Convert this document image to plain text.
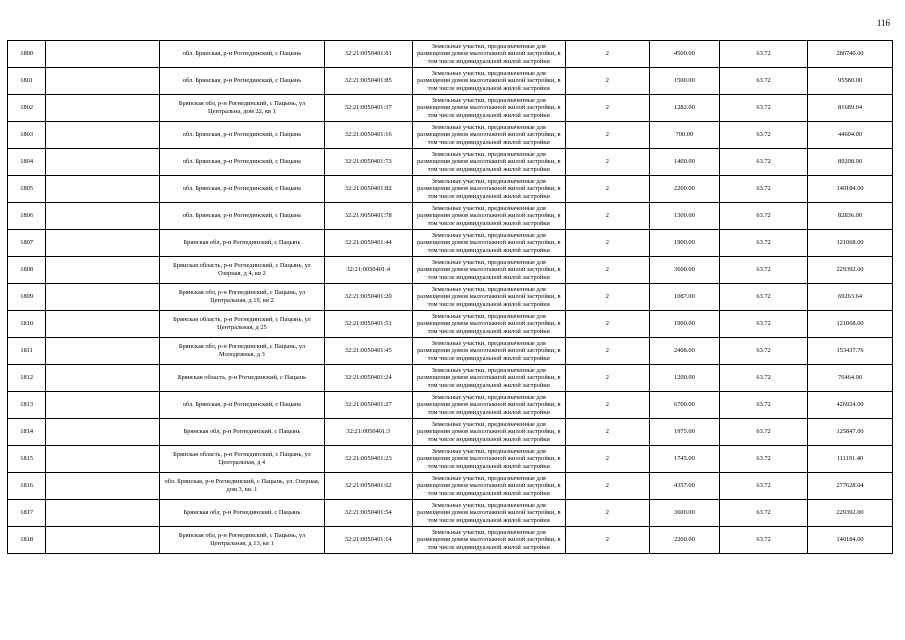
116
1800		обл. Брянская, р-н Рогнединский, с Пацынь	32:21:0050401:81	Земельные участки, предназначенные для размещения домов малоэтажной жилой застройки, в том числе индивидуальной жилой застройки	2	4500.00	63.72	286740.00
1801		обл. Брянская, р-н Рогнединский, с Пацынь	32:21:0050401:85	Земельные участки, предназначенные для размещения домов малоэтажной жилой застройки, в том числе индивидуальной жилой застройки	2	1500.00	63.72	95580.00
1802		Брянская обл, р-н Рогнединский, с Пацынь, ул Центральна, дом 22, кв 1	32:21:0050401:37	Земельные участки, предназначенные для размещения домов малоэтажной жилой застройки, в том числе индивидуальной жилой застройки	2	1282.00	63.72	81689.04
1803		обл. Брянская, р-н Рогнединский, с Пацынь	32:21:0050401:16	Земельные участки, предназначенные для размещения домов малоэтажной жилой застройки, в том числе индивидуальной жилой застройки	2	700.00	63.72	44604.00
1804		обл. Брянская, р-н Рогнединский, с Пацынь	32:21:0050401:73	Земельные участки, предназначенные для размещения домов малоэтажной жилой застройки, в том числе индивидуальной жилой застройки	2	1400.00	63.72	89208.00
1805		обл. Брянская, р-н Рогнединский, с Пацынь	32:21:0050401:82	Земельные участки, предназначенные для размещения домов малоэтажной жилой застройки, в том числе индивидуальной жилой застройки	2	2200.00	63.72	140184.00
1806		обл. Брянская, р-н Рогнединский, с Пацынь	32:21:0050401:78	Земельные участки, предназначенные для размещения домов малоэтажной жилой застройки, в том числе индивидуальной жилой застройки	2	1300.00	63.72	82836.00
1807		Брянская обл, р-н Рогнединский, с Пацынь	32:21:0050401:44	Земельные участки, предназначенные для размещения домов малоэтажной жилой застройки, в том числе индивидуальной жилой застройки	2	1900.00	63.72	121068.00
1808		Брянская область, р-н Рогнединский, с Пацынь, ул Озерная, д 4, кв 2	32:21:0050401:4	Земельные участки, предназначенные для размещения домов малоэтажной жилой застройки, в том числе индивидуальной жилой застройки	2	3600.00	63.72	229392.00
1809		Брянская обл, р-н Рогнединский, с Пацынь, ул Центральная, д 19, кв 2	32:21:0050401:20	Земельные участки, предназначенные для размещения домов малоэтажной жилой застройки, в том числе индивидуальной жилой застройки	2	1087.00	63.72	69263.64
1810		Брянская область, р-н Рогнединский, с Пацынь, ул Центральная, д 25	32:21:0050401:51	Земельные участки, предназначенные для размещения домов малоэтажной жилой застройки, в том числе индивидуальной жилой застройки	2	1900.00	63.72	121068.00
1811		Брянская обл, р-н Рогнединский, с Пацынь, ул Молодежная, д 3	32:21:0050401:45	Земельные участки, предназначенные для размещения домов малоэтажной жилой застройки, в том числе индивидуальной жилой застройки	2	2408.00	63.72	153437.76
1812		Брянская область, р-н Рогнединский, с Пацынь	32:21:0050401:24	Земельные участки, предназначенные для размещения домов малоэтажной жилой застройки, в том числе индивидуальной жилой застройки	2	1200.00	63.72	76464.00
1813		обл. Брянская, р-н Рогнединский, с Пацынь	32:21:0050401:27	Земельные участки, предназначенные для размещения домов малоэтажной жилой застройки, в том числе индивидуальной жилой застройки	2	6700.00	63.72	426924.00
1814		Брянская обл, р-н Рогнединский, с Пацынь	32:21:0050401:3	Земельные участки, предназначенные для размещения домов малоэтажной жилой застройки, в том числе индивидуальной жилой застройки	2	1975.00	63.72	125847.00
1815		Брянская область, р-н Рогнединский, с Пацынь, ул Центральная, д 4	32:21:0050401:23	Земельные участки, предназначенные для размещения домов малоэтажной жилой застройки, в том числе индивидуальной жилой застройки	2	1745.00	63.72	111191.40
1816		обл. Брянская, р-н Рогнединский, с Пацынь, ул. Озерная, дом 3, кв. 1	32:21:0050401:62	Земельные участки, предназначенные для размещения домов малоэтажной жилой застройки, в том числе индивидуальной жилой застройки	2	4357.00	63.72	277628.04
1817		Брянская обл, р-н Рогнединский, с Пацынь	32:21:0050401:54	Земельные участки, предназначенные для размещения домов малоэтажной жилой застройки, в том числе индивидуальной жилой застройки	2	3600.00	63.72	229392.00
1818		Брянская обл, р-н Рогнединский, с Пацынь, ул Центральная, д 13, кв 1	32:21:0050401:14	Земельные участки, предназначенные для размещения домов малоэтажной жилой застройки, в том числе индивидуальной жилой застройки	2	2200.00	63.72	140184.00
